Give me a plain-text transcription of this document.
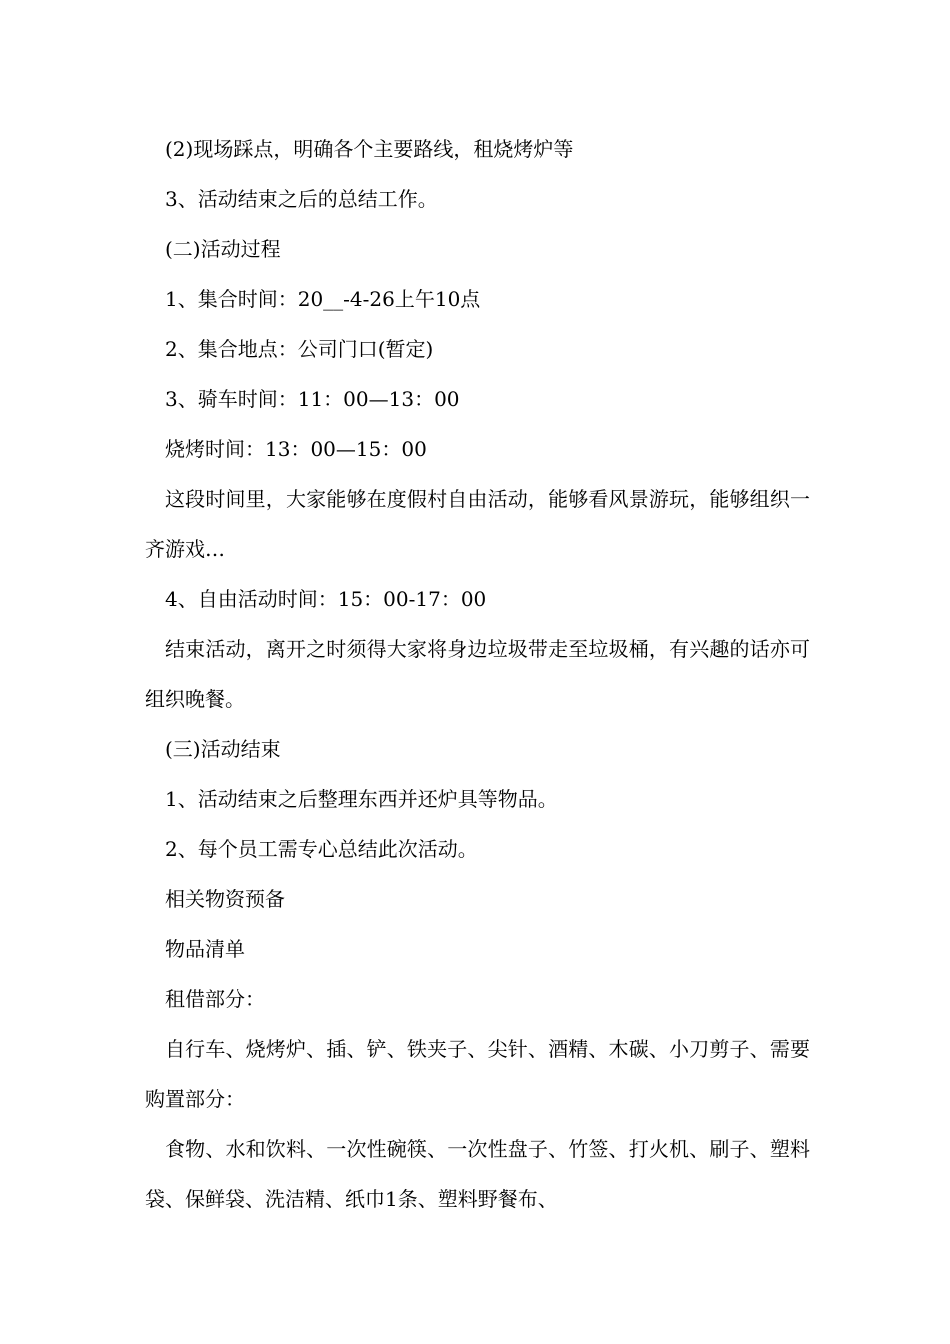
(2)现场踩点，明确各个主要路线，租烧烤炉等

3、活动结束之后的总结工作。

(二)活动过程

1、集合时间：20__-4-26上午10点

2、集合地点：公司门口(暂定)

3、骑车时间：11：00—13：00

烧烤时间：13：00—15：00

这段时间里，大家能够在度假村自由活动，能够看风景游玩，能够组织一齐游戏…

4、自由活动时间：15：00-17：00

结束活动，离开之时须得大家将身边垃圾带走至垃圾桶，有兴趣的话亦可组织晚餐。

(三)活动结束

1、活动结束之后整理东西并还炉具等物品。

2、每个员工需专心总结此次活动。

相关物资预备

物品清单

租借部分：

自行车、烧烤炉、插、铲、铁夹子、尖针、酒精、木碳、小刀剪子、需要购置部分：

食物、水和饮料、一次性碗筷、一次性盘子、竹签、打火机、刷子、塑料袋、保鲜袋、洗洁精、纸巾1条、塑料野餐布、
